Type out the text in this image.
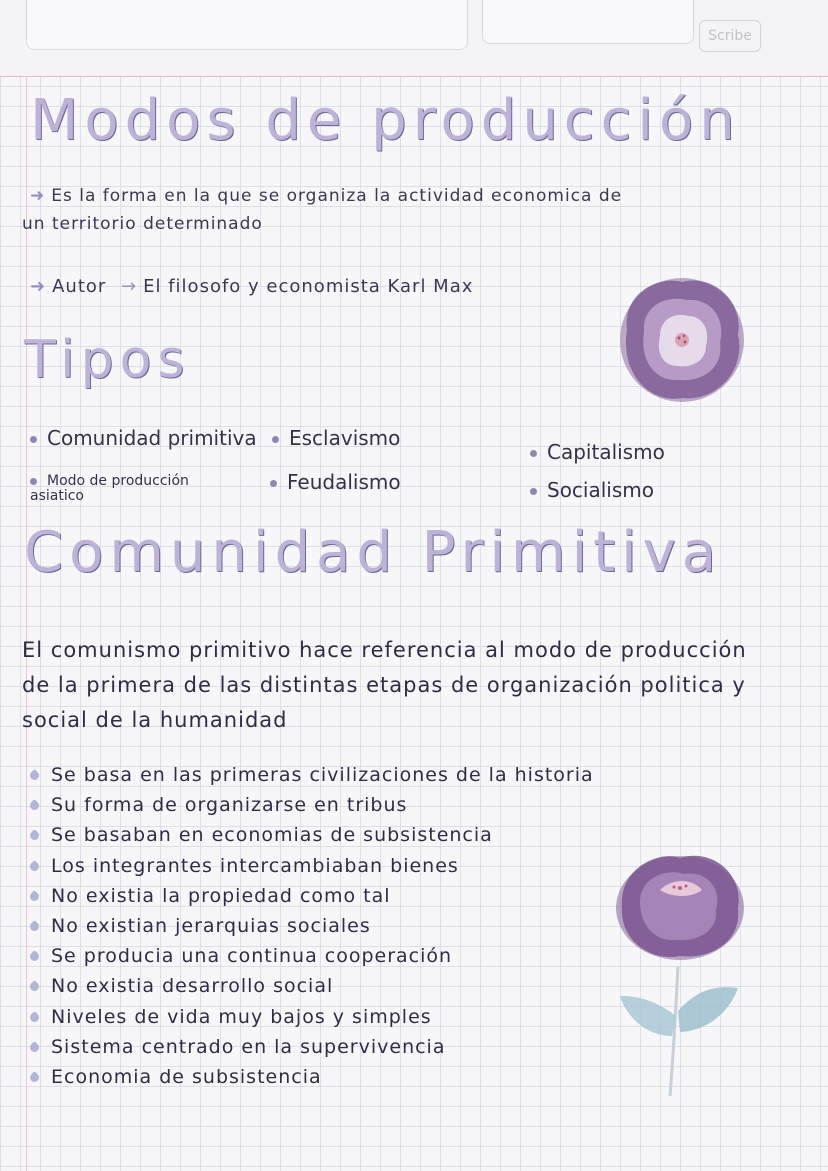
Scribe
Modos de producción
➜ Es la forma en la que se organiza la actividad economica de
un territorio determinado
➜ Autor → El filosofo y economista Karl Max
Tipos
Comunidad primitiva	Esclavismo
Capitalismo
Modo de producción asiatico
Feudalismo	Socialismo
Comunidad Primitiva

El comunismo primitivo hace referencia al modo de producción de la primera de las distintas etapas de organización politica y social de la humanidad

Se basa en las primeras civilizaciones de la historia
Su forma de organizarse en tribus
Se basaban en economias de subsistencia
Los integrantes intercambiaban bienes
No existia la propiedad como tal
No existian jerarquias sociales
Se producia una continua cooperación
No existia desarrollo social
Niveles de vida muy bajos y simples
Sistema centrado en la supervivencia
Economia de subsistencia
